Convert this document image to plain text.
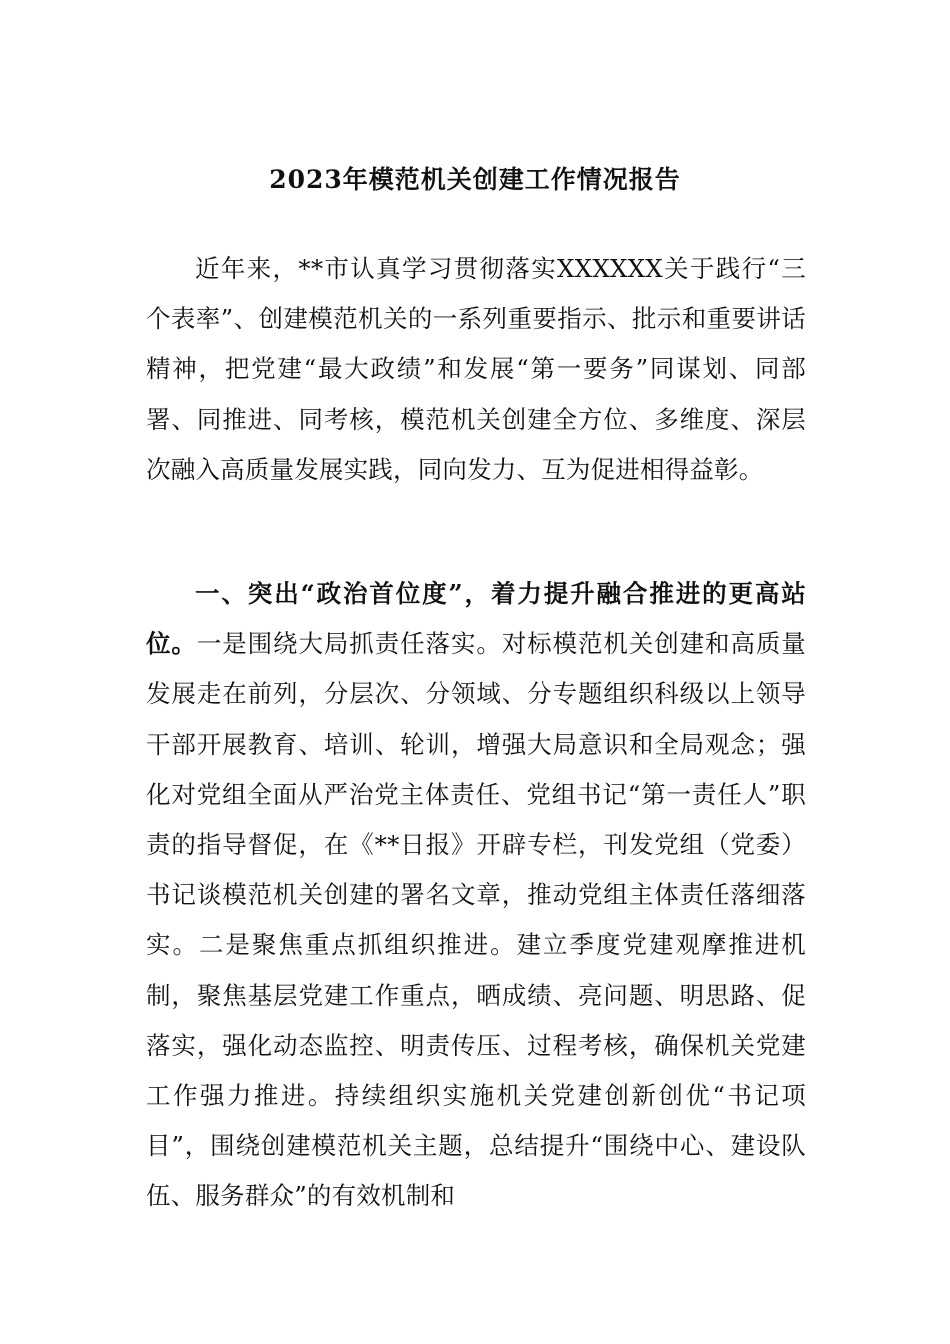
2023年模范机关创建工作情况报告

近年来，**市认真学习贯彻落实XXXXXX关于践行“三个表率”、创建模范机关的一系列重要指示、批示和重要讲话精神，把党建“最大政绩”和发展“第一要务”同谋划、同部署、同推进、同考核，模范机关创建全方位、多维度、深层次融入高质量发展实践，同向发力、互为促进相得益彰。

一、突出“政治首位度”，着力提升融合推进的更高站位。一是围绕大局抓责任落实。对标模范机关创建和高质量发展走在前列，分层次、分领域、分专题组织科级以上领导干部开展教育、培训、轮训，增强大局意识和全局观念；强化对党组全面从严治党主体责任、党组书记“第一责任人”职责的指导督促，在《**日报》开辟专栏，刊发党组（党委）书记谈模范机关创建的署名文章，推动党组主体责任落细落实。二是聚焦重点抓组织推进。建立季度党建观摩推进机制，聚焦基层党建工作重点，晒成绩、亮问题、明思路、促落实，强化动态监控、明责传压、过程考核，确保机关党建工作强力推进。持续组织实施机关党建创新创优“书记项目”，围绕创建模范机关主题，总结提升“围绕中心、建设队伍、服务群众”的有效机制和
